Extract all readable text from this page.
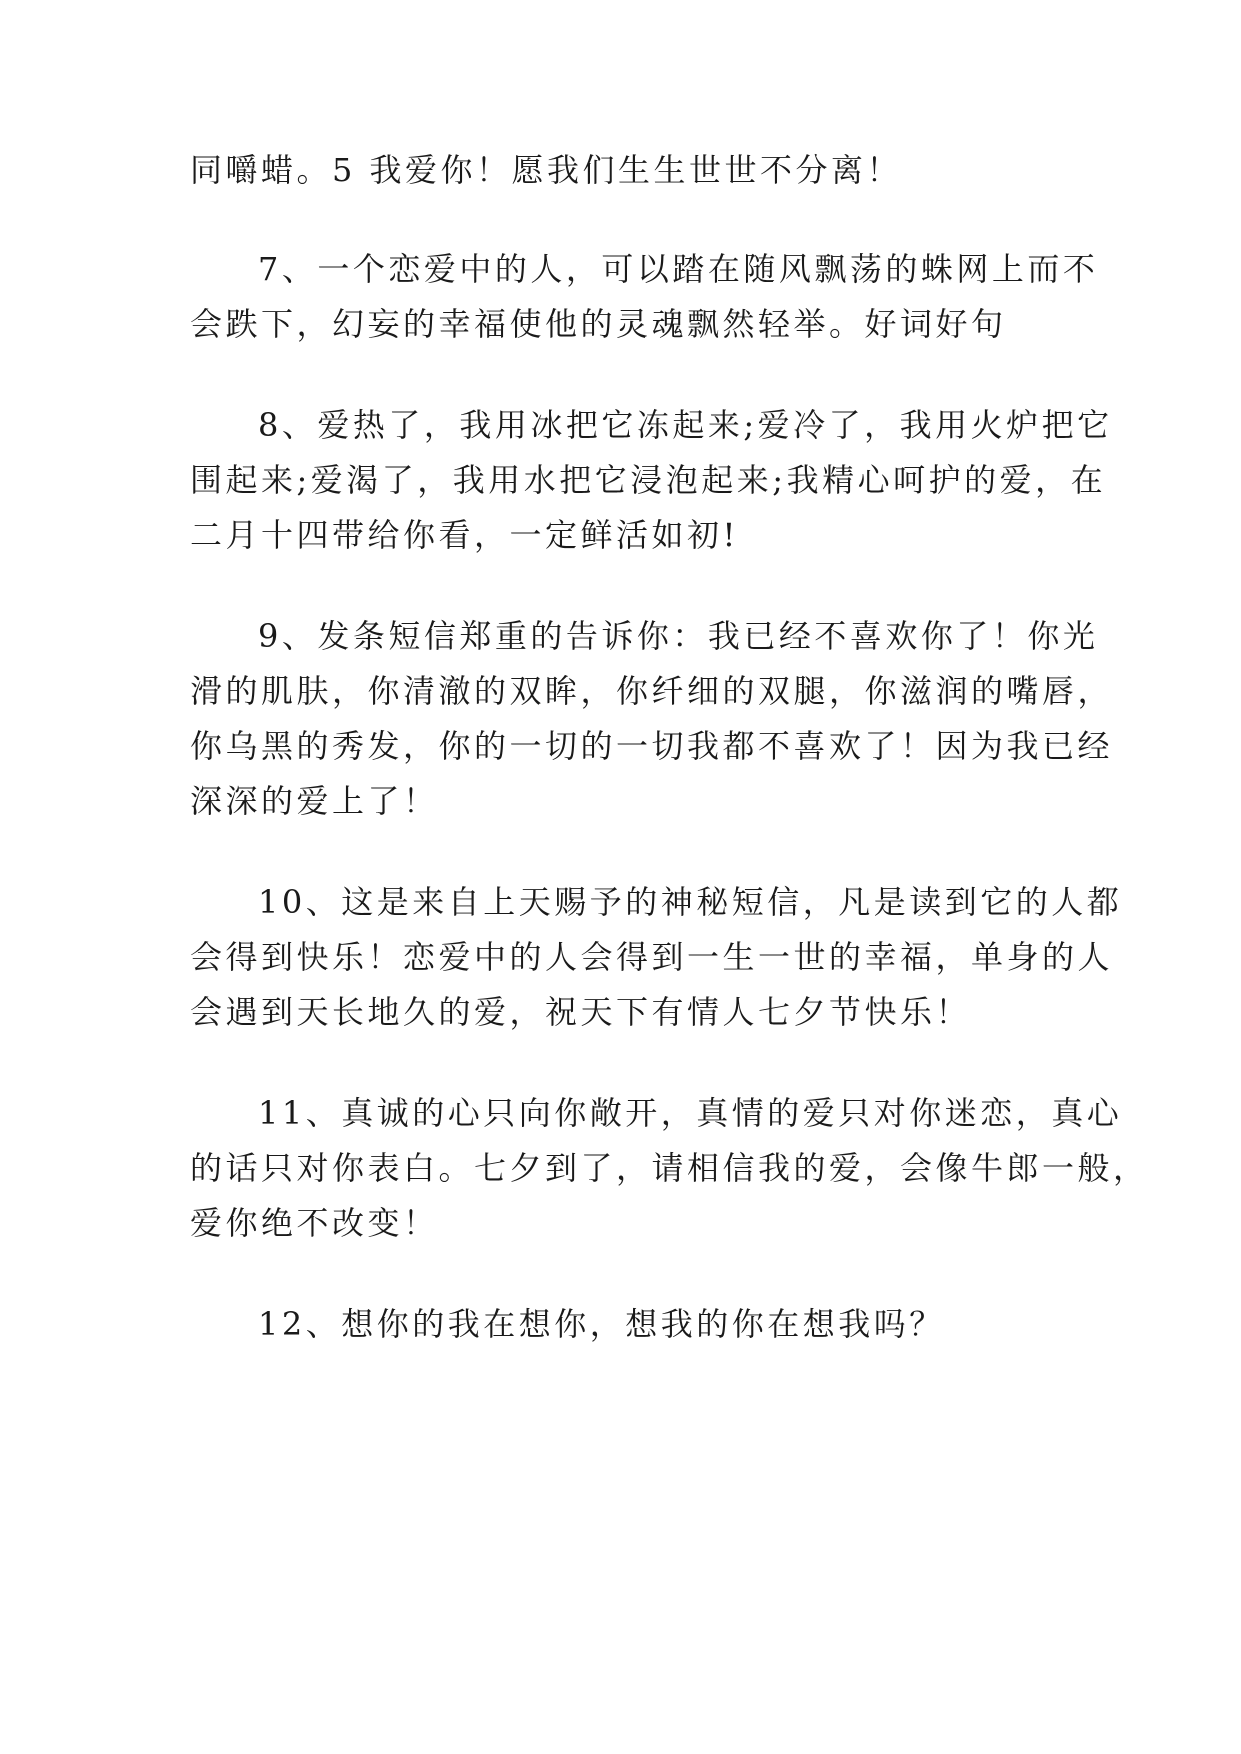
同嚼蜡。5 我爱你！愿我们生生世世不分离！
7、一个恋爱中的人，可以踏在随风飘荡的蛛网上而不
会跌下，幻妄的幸福使他的灵魂飘然轻举。好词好句
8、爱热了，我用冰把它冻起来;爱冷了，我用火炉把它
围起来;爱渴了，我用水把它浸泡起来;我精心呵护的爱，在
二月十四带给你看，一定鲜活如初!
9、发条短信郑重的告诉你：我已经不喜欢你了！你光
滑的肌肤，你清澈的双眸，你纤细的双腿，你滋润的嘴唇，
你乌黑的秀发，你的一切的一切我都不喜欢了！因为我已经
深深的爱上了！
10、这是来自上天赐予的神秘短信，凡是读到它的人都
会得到快乐！恋爱中的人会得到一生一世的幸福，单身的人
会遇到天长地久的爱，祝天下有情人七夕节快乐！
11、真诚的心只向你敞开，真情的爱只对你迷恋，真心
的话只对你表白。七夕到了，请相信我的爱，会像牛郎一般，
爱你绝不改变！
12、想你的我在想你，想我的你在想我吗？
